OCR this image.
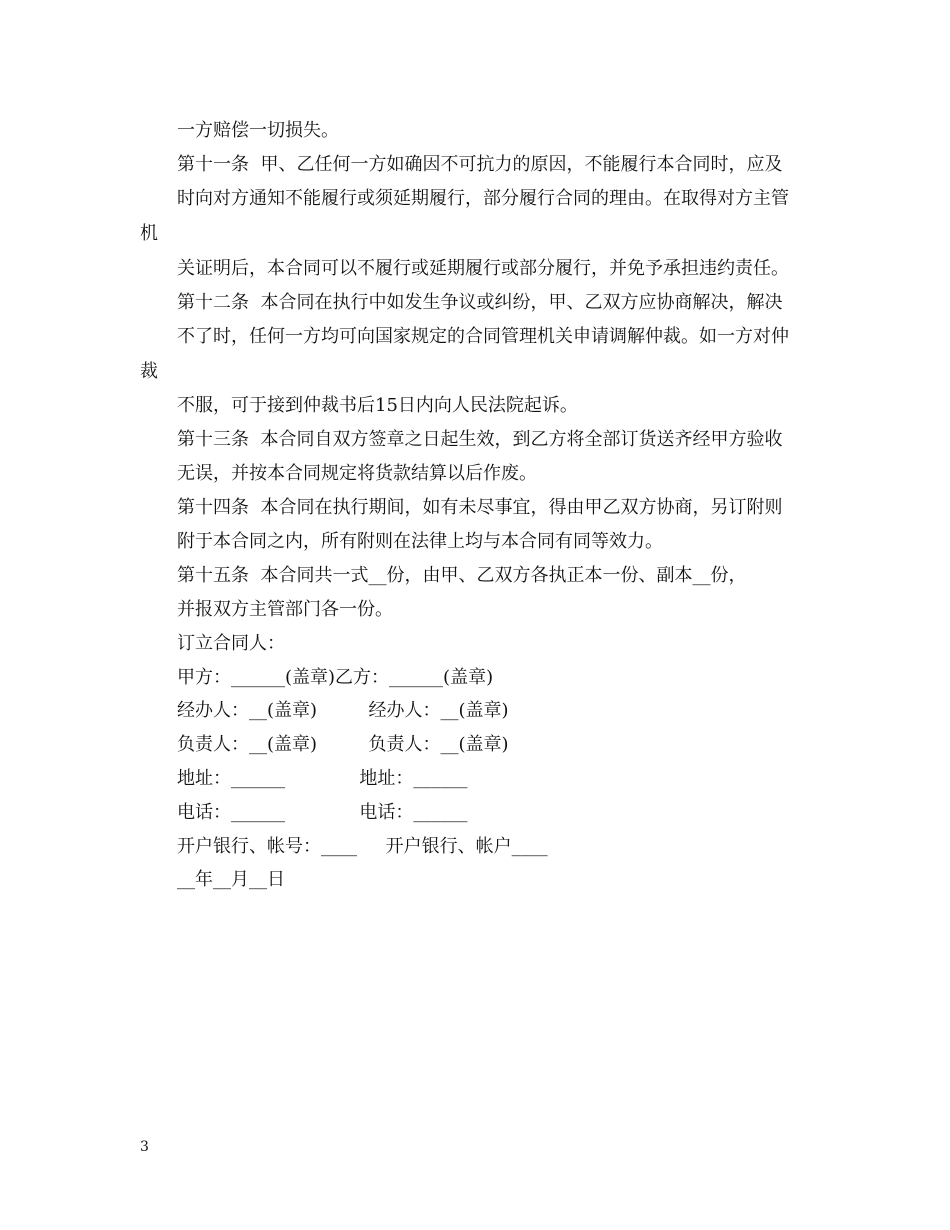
一方赔偿一切损失。

第十一条  甲、乙任何一方如确因不可抗力的原因，不能履行本合同时，应及

时向对方通知不能履行或须延期履行，部分履行合同的理由。在取得对方主管

机

关证明后，本合同可以不履行或延期履行或部分履行，并免予承担违约责任。

第十二条  本合同在执行中如发生争议或纠纷，甲、乙双方应协商解决，解决

不了时，任何一方均可向国家规定的合同管理机关申请调解仲裁。如一方对仲

裁

不服，可于接到仲裁书后15日内向人民法院起诉。

第十三条  本合同自双方签章之日起生效，到乙方将全部订货送齐经甲方验收

无误，并按本合同规定将货款结算以后作废。

第十四条  本合同在执行期间，如有未尽事宜，得由甲乙双方协商，另订附则

附于本合同之内，所有附则在法律上均与本合同有同等效力。

第十五条  本合同共一式__份，由甲、乙双方各执正本一份、副本__份，

并报双方主管部门各一份。

订立合同人：

甲方：______(盖章)乙方：______(盖章)

经办人：__(盖章)         经办人：__(盖章)

负责人：__(盖章)         负责人：__(盖章)

地址：______             地址：______

电话：______             电话：______

开户银行、帐号：____     开户银行、帐户____

__年__月__日

3
